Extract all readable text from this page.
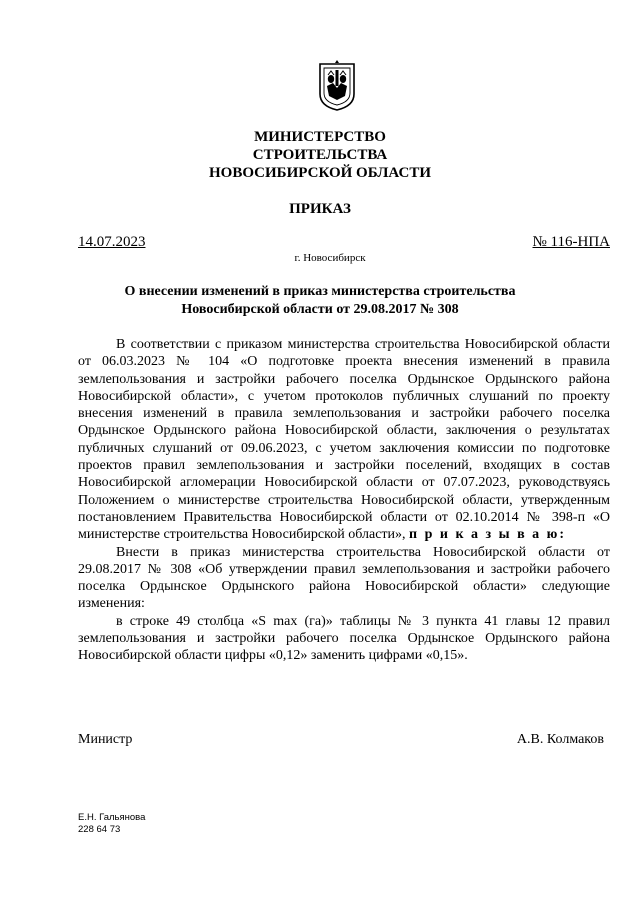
МИНИСТЕРСТВО
СТРОИТЕЛЬСТВА
НОВОСИБИРСКОЙ ОБЛАСТИ
ПРИКАЗ
14.07.2023	№ 116-НПА
г. Новосибирск
О внесении изменений в приказ министерства строительства
Новосибирской области от 29.08.2017 № 308

В соответствии с приказом министерства строительства Новосибирской области от 06.03.2023 № 104 «О подготовке проекта внесения изменений в правила землепользования и застройки рабочего поселка Ордынское Ордынского района Новосибирской области», с учетом протоколов публичных слушаний по проекту внесения изменений в правила землепользования и застройки рабочего поселка Ордынское Ордынского района Новосибирской области, заключения о результатах публичных слушаний от 09.06.2023, с учетом заключения комиссии по подготовке проектов правил землепользования и застройки поселений, входящих в состав Новосибирской агломерации Новосибирской области от 07.07.2023, руководствуясь Положением о министерстве строительства Новосибирской области, утвержденным постановлением Правительства Новосибирской области от 02.10.2014 № 398-п «О министерстве строительства Новосибирской области», п р и к а з ы в а ю:

Внести в приказ министерства строительства Новосибирской области от 29.08.2017 № 308 «Об утверждении правил землепользования и застройки рабочего поселка Ордынское Ордынского района Новосибирской области» следующие изменения:

в строке 49 столбца «S max (га)» таблицы № 3 пункта 41 главы 12 правил землепользования и застройки рабочего поселка Ордынское Ордынского района Новосибирской области цифры «0,12» заменить цифрами «0,15».

Министр	А.В. Колмаков
Е.Н. Гальянова
228 64 73
